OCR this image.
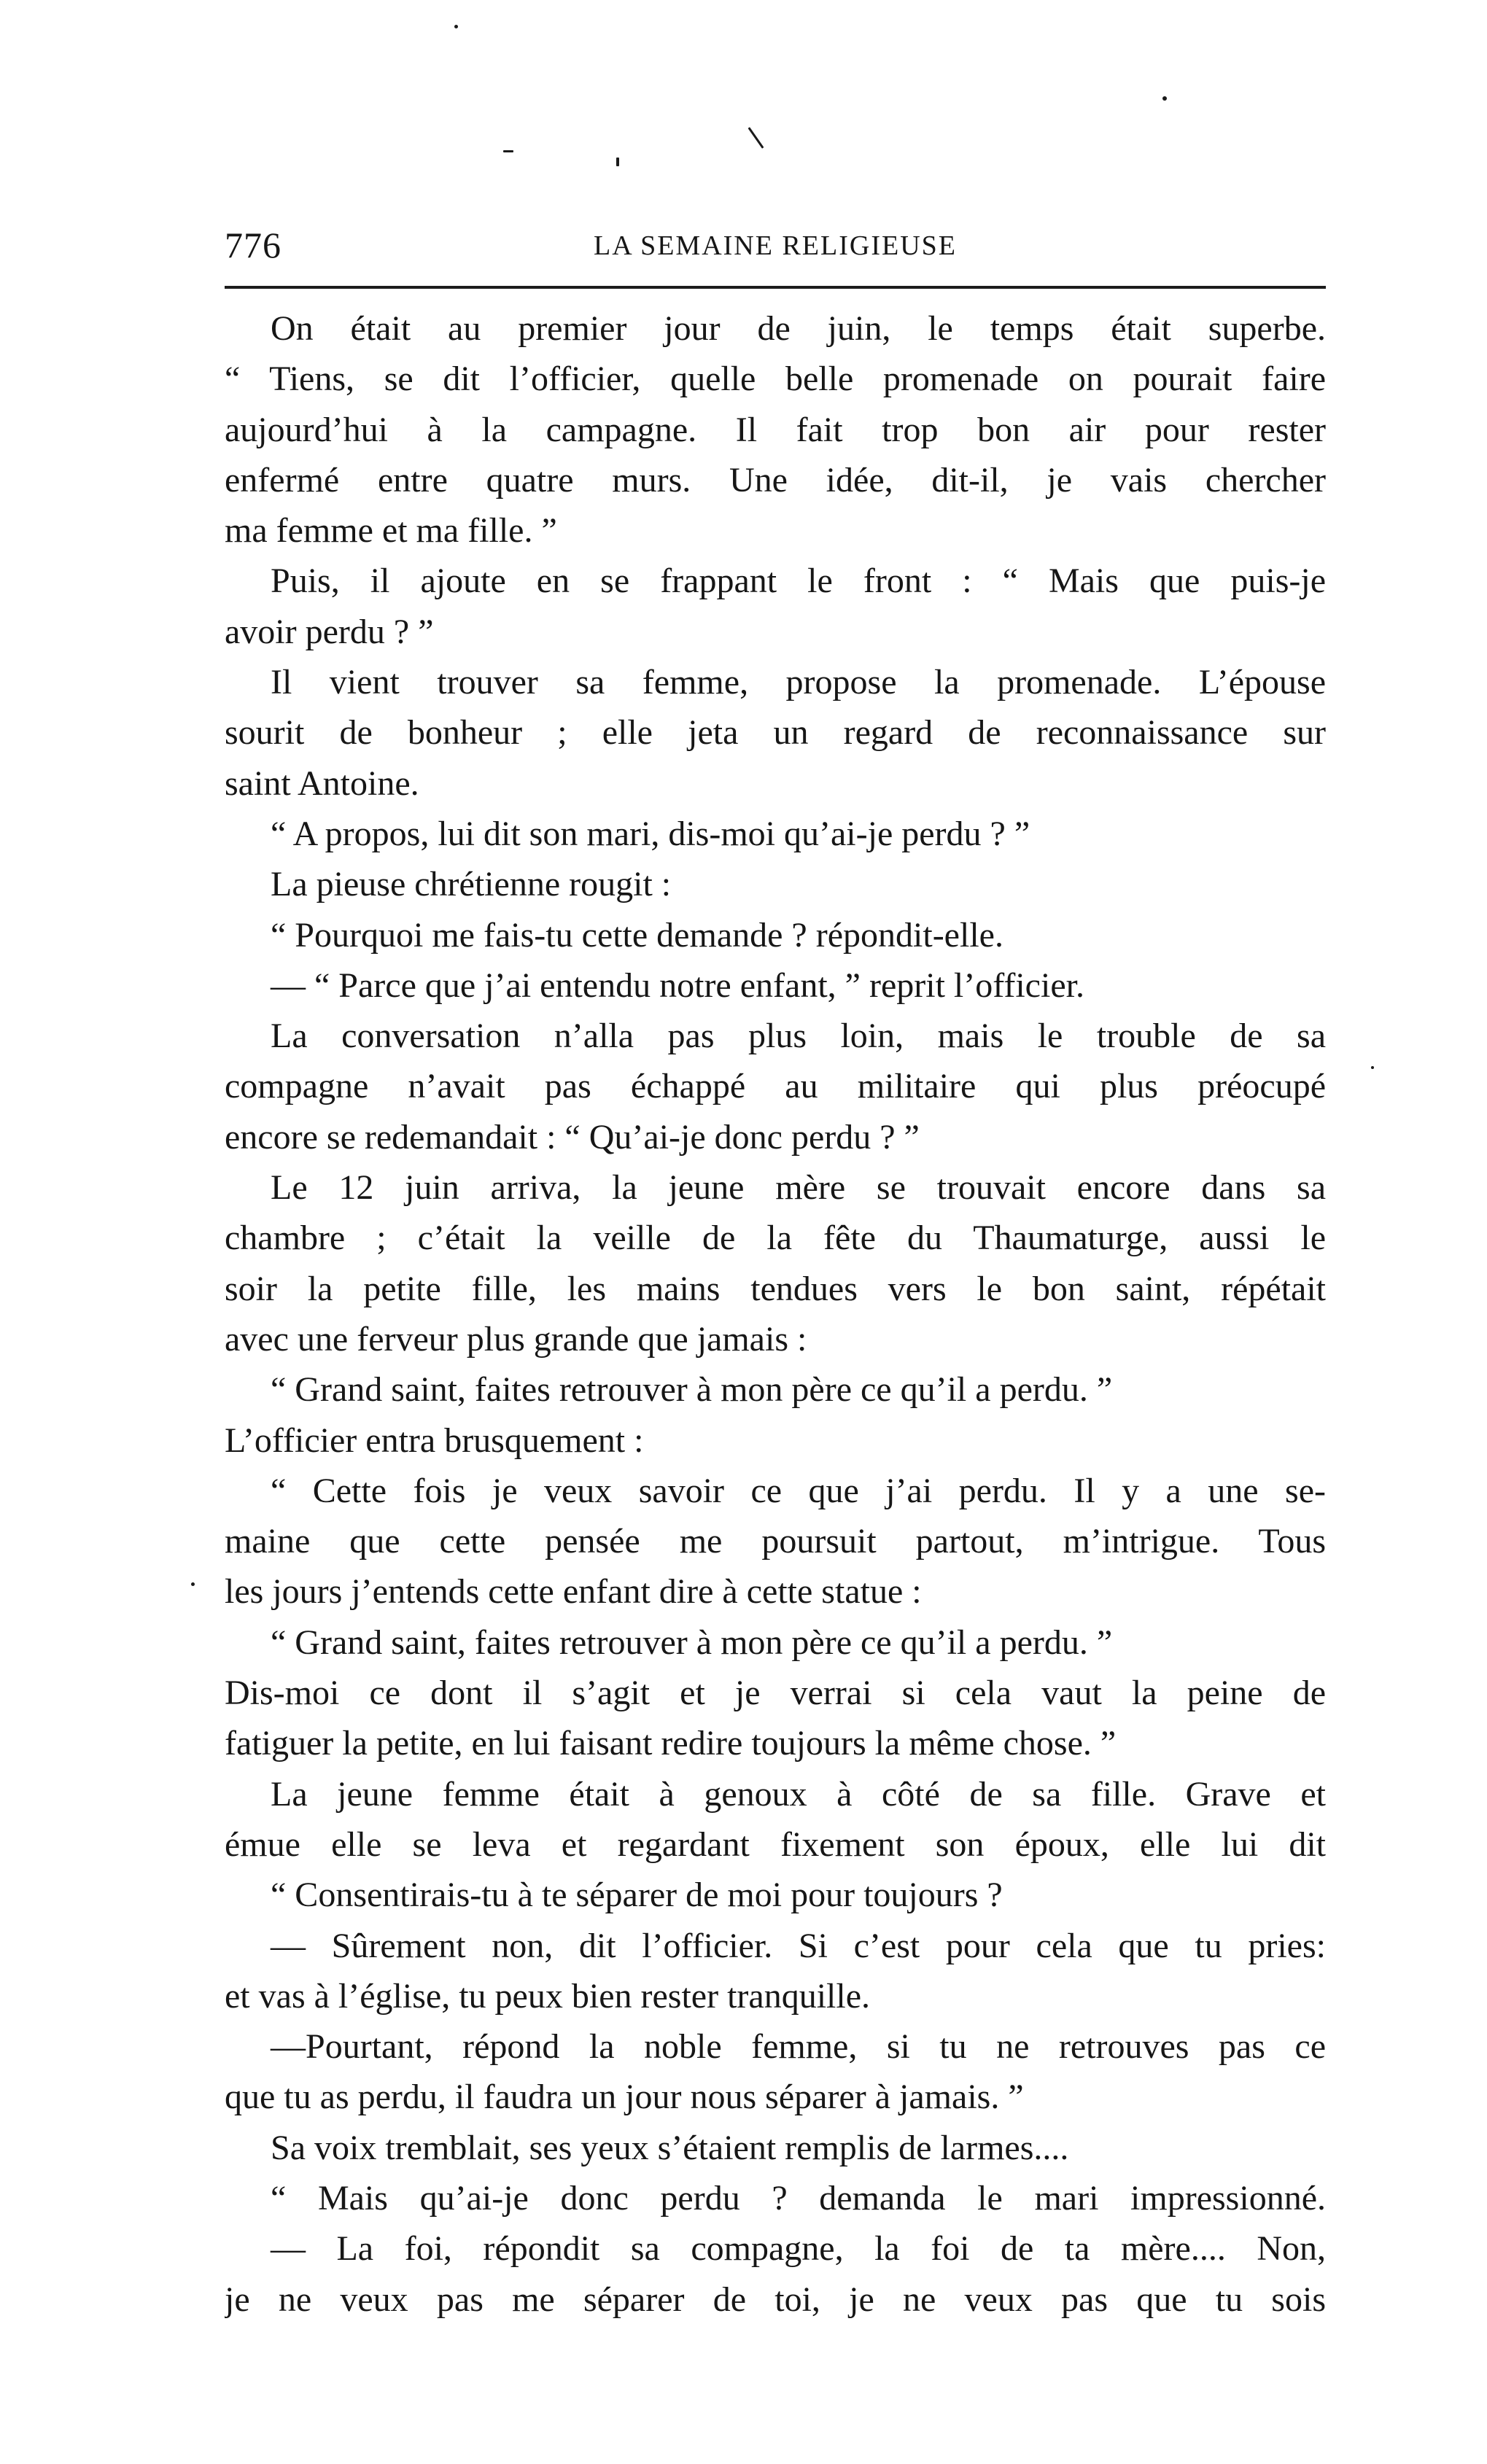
776	LA SEMAINE RELIGIEUSE
On était au premier jour de juin, le temps était superbe.
“ Tiens, se dit l’officier, quelle belle promenade on pourait faire
aujourd’hui à la campagne. Il fait trop bon air pour rester
enfermé entre quatre murs. Une idée, dit-il, je vais chercher
ma femme et ma fille. ”
Puis, il ajoute en se frappant le front : “ Mais que puis-je
avoir perdu ? ”
Il vient trouver sa femme, propose la promenade. L’épouse
sourit de bonheur ; elle jeta un regard de reconnaissance sur
saint Antoine.
“ A propos, lui dit son mari, dis-moi qu’ai-je perdu ? ”
La pieuse chrétienne rougit :
“ Pourquoi me fais-tu cette demande ? répondit-elle.
— “ Parce que j’ai entendu notre enfant, ” reprit l’officier.
La conversation n’alla pas plus loin, mais le trouble de sa
compagne n’avait pas échappé au militaire qui plus préocupé
encore se redemandait : “ Qu’ai-je donc perdu ? ”
Le 12 juin arriva, la jeune mère se trouvait encore dans sa
chambre ; c’était la veille de la fête du Thaumaturge, aussi le
soir la petite fille, les mains tendues vers le bon saint, répétait
avec une ferveur plus grande que jamais :
“ Grand saint, faites retrouver à mon père ce qu’il a perdu. ”
L’officier entra brusquement :
“ Cette fois je veux savoir ce que j’ai perdu. Il y a une se-
maine que cette pensée me poursuit partout, m’intrigue. Tous
les jours j’entends cette enfant dire à cette statue :
“ Grand saint, faites retrouver à mon père ce qu’il a perdu. ”
Dis-moi ce dont il s’agit et je verrai si cela vaut la peine de
fatiguer la petite, en lui faisant redire toujours la même chose. ”
La jeune femme était à genoux à côté de sa fille. Grave et
émue elle se leva et regardant fixement son époux, elle lui dit
“ Consentirais-tu à te séparer de moi pour toujours ?
— Sûrement non, dit l’officier. Si c’est pour cela que tu pries:
et vas à l’église, tu peux bien rester tranquille.
—Pourtant, répond la noble femme, si tu ne retrouves pas ce
que tu as perdu, il faudra un jour nous séparer à jamais. ”
Sa voix tremblait, ses yeux s’étaient remplis de larmes....
“ Mais qu’ai-je donc perdu ? demanda le mari impressionné.
— La foi, répondit sa compagne, la foi de ta mère.... Non,
je ne veux pas me séparer de toi, je ne veux pas que tu sois
